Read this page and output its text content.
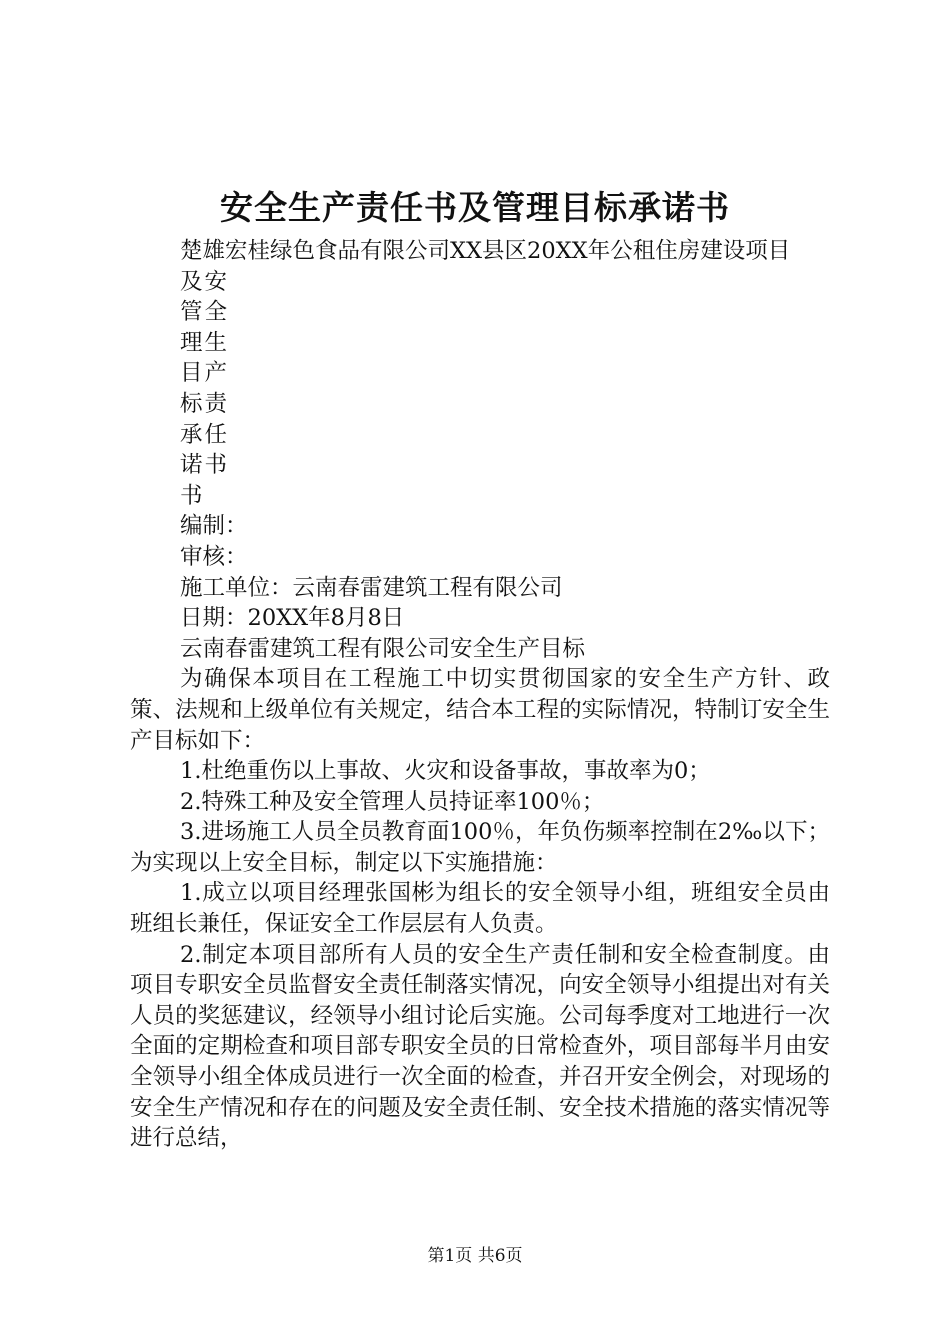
安全生产责任书及管理目标承诺书

楚雄宏桂绿色食品有限公司XX县区20XX年公租住房建设项目

及安
管全
理生
目产
标责
承任
诺书
书

编制：

审核：

施工单位：云南春雷建筑工程有限公司

日期：20XX年8月8日

云南春雷建筑工程有限公司安全生产目标

为确保本项目在工程施工中切实贯彻国家的安全生产方针、政策、法规和上级单位有关规定，结合本工程的实际情况，特制订安全生产目标如下：

1.杜绝重伤以上事故、火灾和设备事故，事故率为0；

2.特殊工种及安全管理人员持证率100％；

3.进场施工人员全员教育面100％，年负伤频率控制在2‰以下；为实现以上安全目标，制定以下实施措施：

1.成立以项目经理张国彬为组长的安全领导小组，班组安全员由班组长兼任，保证安全工作层层有人负责。

2.制定本项目部所有人员的安全生产责任制和安全检查制度。由项目专职安全员监督安全责任制落实情况，向安全领导小组提出对有关人员的奖惩建议，经领导小组讨论后实施。公司每季度对工地进行一次全面的定期检查和项目部专职安全员的日常检查外，项目部每半月由安全领导小组全体成员进行一次全面的检查，并召开安全例会，对现场的安全生产情况和存在的问题及安全责任制、安全技术措施的落实情况等进行总结，

第1页 共6页
